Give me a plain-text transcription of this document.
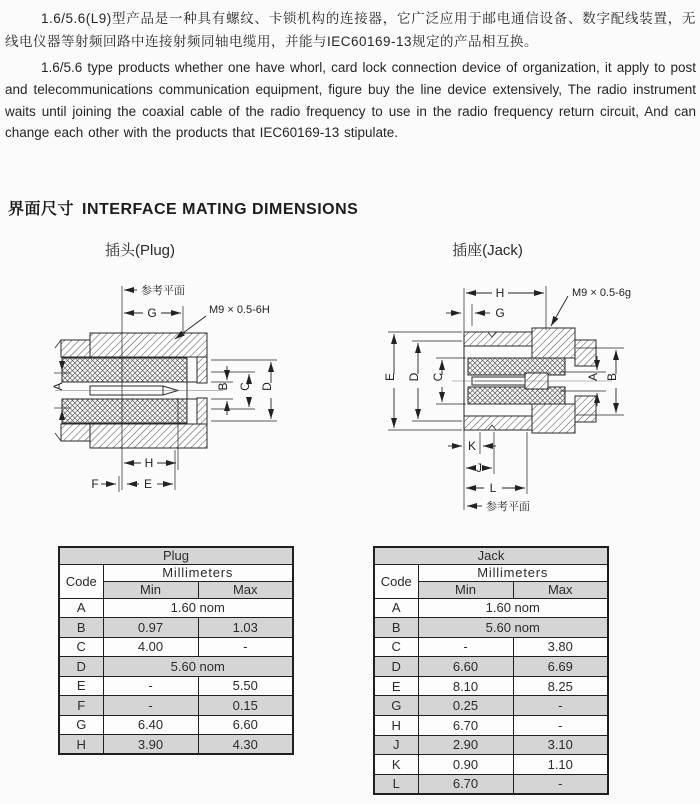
1.6/5.6(L9)型产品是一种具有螺纹、卡锁机构的连接器，它广泛应用于邮电通信设备、数字配线装置，无线电仪器等射频回路中连接射频同轴电缆用，并能与IEC60169-13规定的产品相互换。

1.6/5.6 type products whether one have whorl, card lock connection device of organization, it apply to post and telecommunications communication equipment, figure buy the line device extensively, The radio instrument waits until joining the coaxial cable of the radio frequency to use in the radio frequency return circuit, And can change each other with the products that IEC60169-13 stipulate.

界面尺寸 INTERFACE MATING DIMENSIONS
插头(Plug)	插座(Jack)
参考平面
M9 × 0.5-6H
G
A	B C D
H
F	E
H	M9 × 0.5-6g
G
E D C	A B
K
J
L
参考平面
Plug		
Code	Millimeters	
	Min	Max
A	1.60 nom	
B	0.97	1.03
C	4.00	-
D	5.60 nom	
E	-	5.50
F	-	0.15
G	6.40	6.60
H	3.90	4.30
Jack		
Code	Millimeters	
	Min	Max
A	1.60 nom	
B	5.60 nom	
C	-	3.80
D	6.60	6.69
E	8.10	8.25
G	0.25	-
H	6.70	-
J	2.90	3.10
K	0.90	1.10
L	6.70	-
